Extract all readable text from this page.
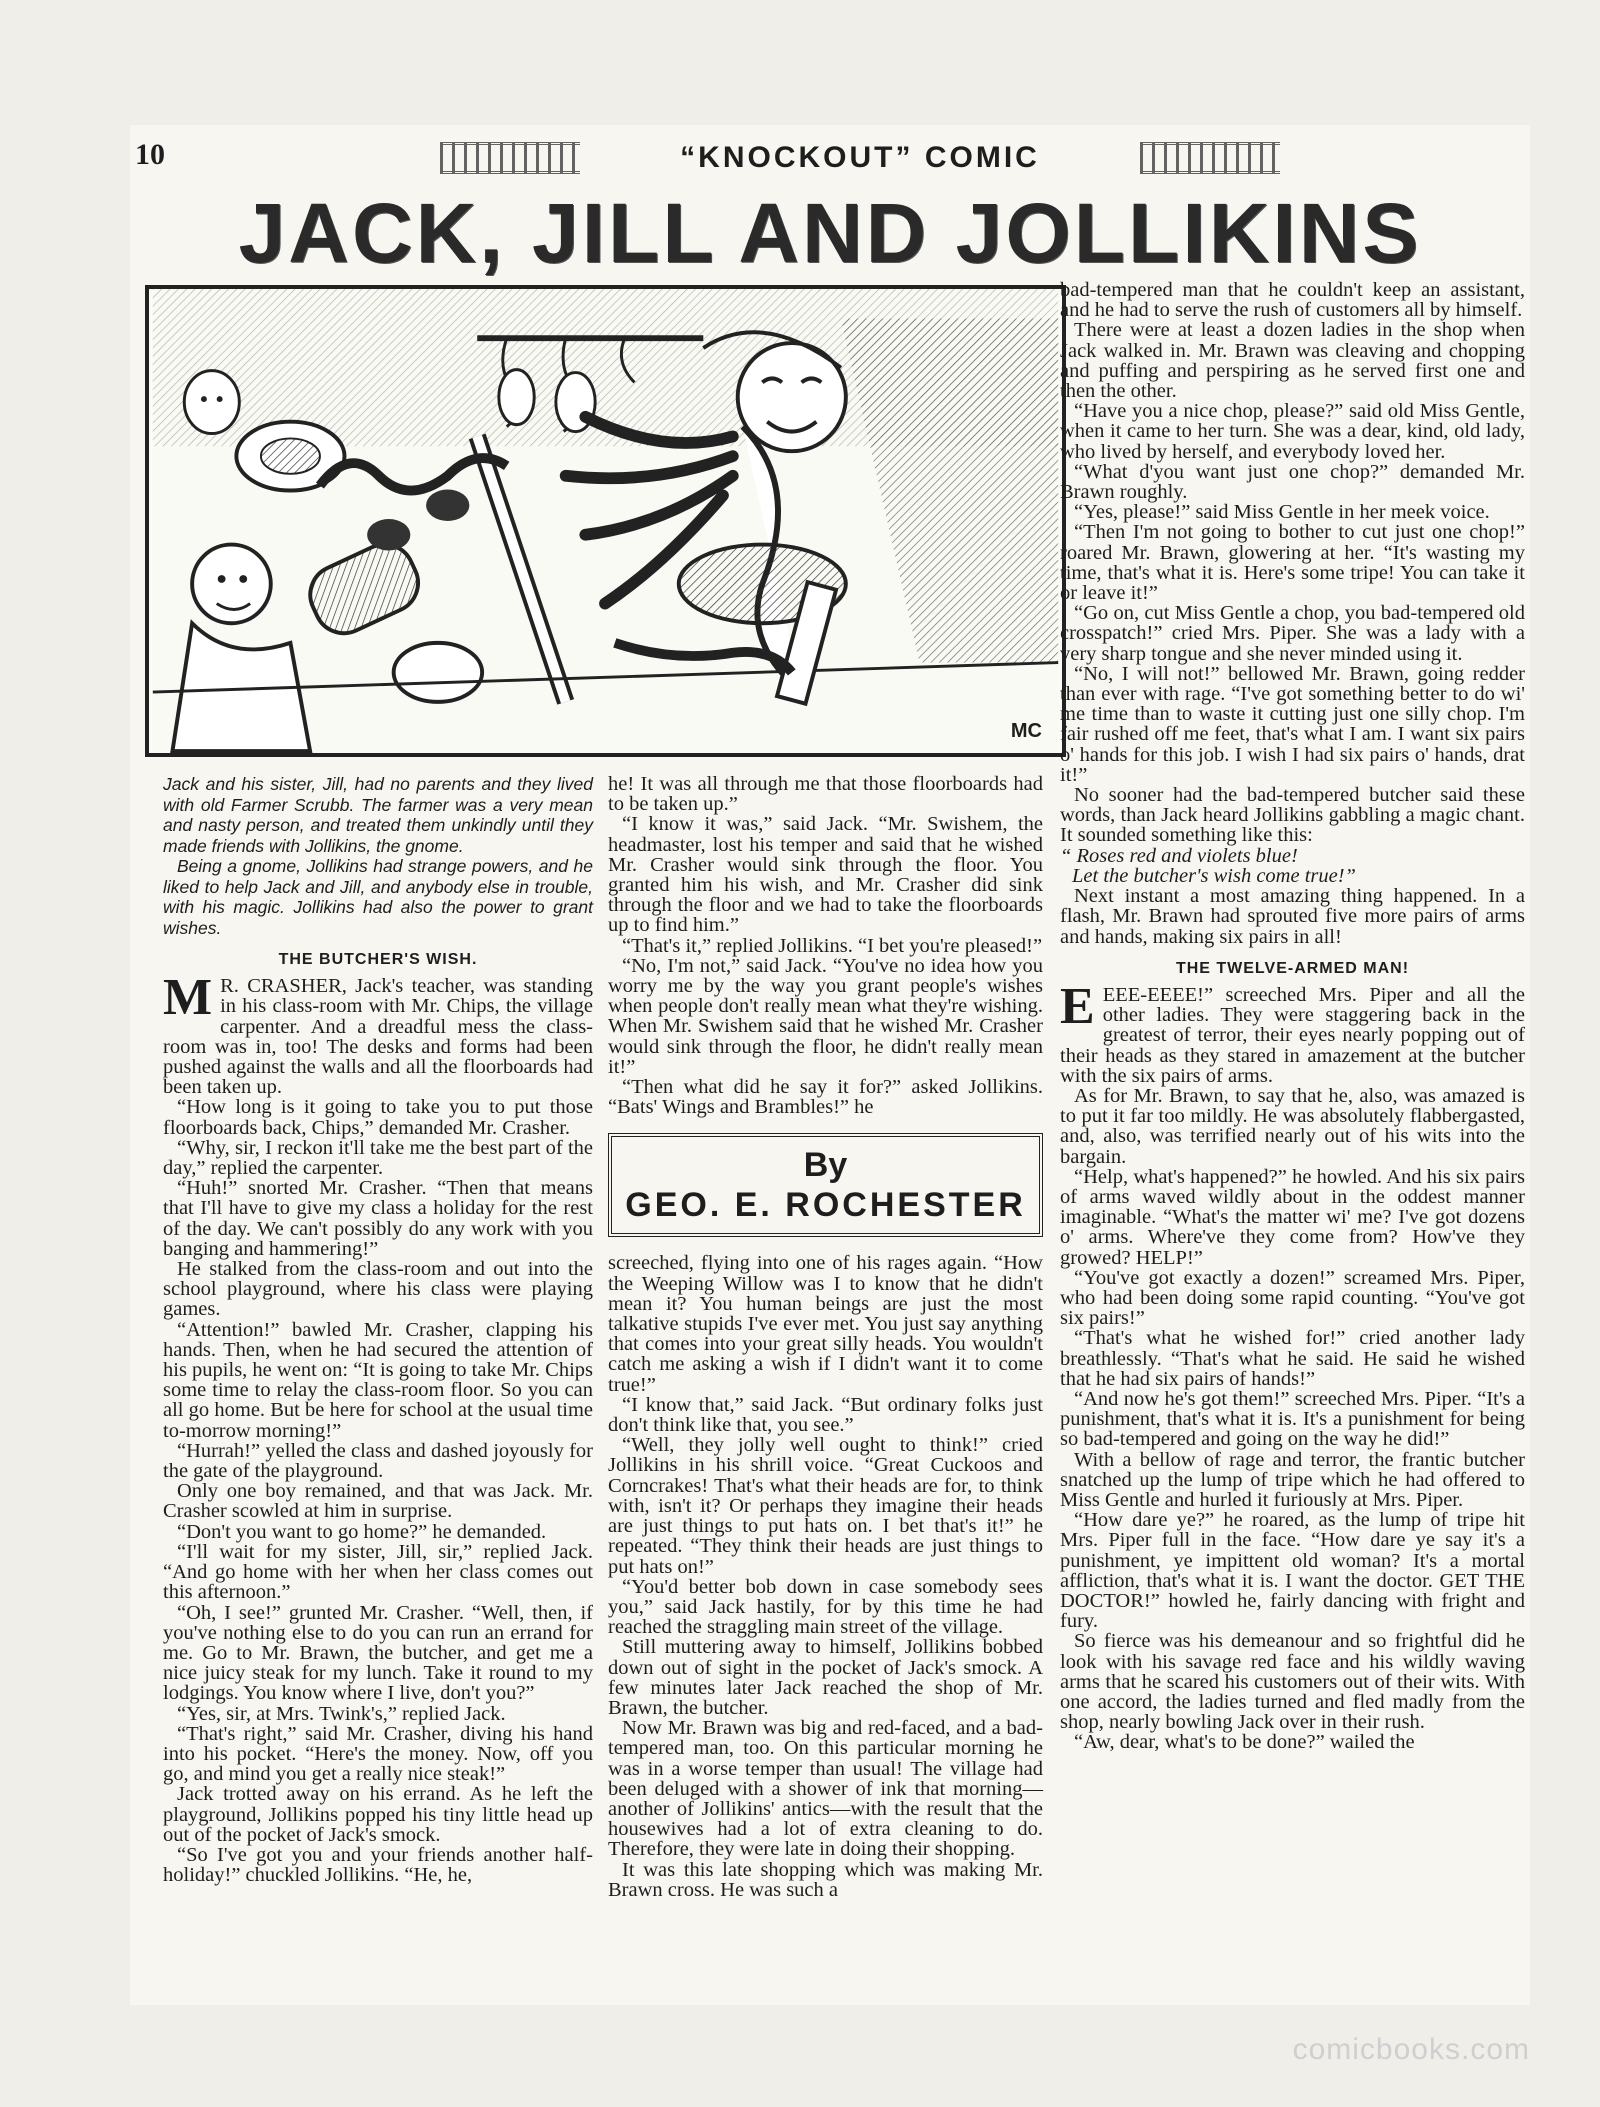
10	“KNOCKOUT” COMIC
JACK, JILL AND JOLLIKINS
MC

Jack and his sister, Jill, had no parents and they lived with old Farmer Scrubb. The farmer was a very mean and nasty person, and treated them unkindly until they made friends with Jollikins, the gnome.

Being a gnome, Jollikins had strange powers, and he liked to help Jack and Jill, and anybody else in trouble, with his magic. Jollikins had also the power to grant wishes.

THE BUTCHER'S WISH.

M R. CRASHER, Jack's teacher, was standing in his class-room with Mr. Chips, the village carpenter. And a dreadful mess the class-room was in, too! The desks and forms had been pushed against the walls and all the floorboards had been taken up.

“How long is it going to take you to put those floorboards back, Chips,” demanded Mr. Crasher.

“Why, sir, I reckon it'll take me the best part of the day,” replied the carpenter.

“Huh!” snorted Mr. Crasher. “Then that means that I'll have to give my class a holiday for the rest of the day. We can't possibly do any work with you banging and hammering!”

He stalked from the class-room and out into the school playground, where his class were playing games.

“Attention!” bawled Mr. Crasher, clapping his hands. Then, when he had secured the attention of his pupils, he went on: “It is going to take Mr. Chips some time to relay the class-room floor. So you can all go home. But be here for school at the usual time to-morrow morning!”

“Hurrah!” yelled the class and dashed joyously for the gate of the playground.

Only one boy remained, and that was Jack. Mr. Crasher scowled at him in surprise.

“Don't you want to go home?” he demanded.

“I'll wait for my sister, Jill, sir,” replied Jack. “And go home with her when her class comes out this afternoon.”

“Oh, I see!” grunted Mr. Crasher. “Well, then, if you've nothing else to do you can run an errand for me. Go to Mr. Brawn, the butcher, and get me a nice juicy steak for my lunch. Take it round to my lodgings. You know where I live, don't you?”

“Yes, sir, at Mrs. Twink's,” replied Jack.

“That's right,” said Mr. Crasher, diving his hand into his pocket. “Here's the money. Now, off you go, and mind you get a really nice steak!”

Jack trotted away on his errand. As he left the playground, Jollikins popped his tiny little head up out of the pocket of Jack's smock.

“So I've got you and your friends another half-holiday!” chuckled Jollikins. “He, he,

he! It was all through me that those floorboards had to be taken up.”

“I know it was,” said Jack. “Mr. Swishem, the headmaster, lost his temper and said that he wished Mr. Crasher would sink through the floor. You granted him his wish, and Mr. Crasher did sink through the floor and we had to take the floorboards up to find him.”

“That's it,” replied Jollikins. “I bet you're pleased!”

“No, I'm not,” said Jack. “You've no idea how you worry me by the way you grant people's wishes when people don't really mean what they're wishing. When Mr. Swishem said that he wished Mr. Crasher would sink through the floor, he didn't really mean it!”

“Then what did he say it for?” asked Jollikins. “Bats' Wings and Brambles!” he

By
GEO. E. ROCHESTER

screeched, flying into one of his rages again. “How the Weeping Willow was I to know that he didn't mean it? You human beings are just the most talkative stupids I've ever met. You just say anything that comes into your great silly heads. You wouldn't catch me asking a wish if I didn't want it to come true!”

“I know that,” said Jack. “But ordinary folks just don't think like that, you see.”

“Well, they jolly well ought to think!” cried Jollikins in his shrill voice. “Great Cuckoos and Corncrakes! That's what their heads are for, to think with, isn't it? Or perhaps they imagine their heads are just things to put hats on. I bet that's it!” he repeated. “They think their heads are just things to put hats on!”

“You'd better bob down in case somebody sees you,” said Jack hastily, for by this time he had reached the straggling main street of the village.

Still muttering away to himself, Jollikins bobbed down out of sight in the pocket of Jack's smock. A few minutes later Jack reached the shop of Mr. Brawn, the butcher.

Now Mr. Brawn was big and red-faced, and a bad-tempered man, too. On this particular morning he was in a worse temper than usual! The village had been deluged with a shower of ink that morning—another of Jollikins' antics—with the result that the housewives had a lot of extra cleaning to do. Therefore, they were late in doing their shopping.

It was this late shopping which was making Mr. Brawn cross. He was such a

bad-tempered man that he couldn't keep an assistant, and he had to serve the rush of customers all by himself.

There were at least a dozen ladies in the shop when Jack walked in. Mr. Brawn was cleaving and chopping and puffing and perspiring as he served first one and then the other.

“Have you a nice chop, please?” said old Miss Gentle, when it came to her turn. She was a dear, kind, old lady, who lived by herself, and everybody loved her.

“What d'you want just one chop?” demanded Mr. Brawn roughly.

“Yes, please!” said Miss Gentle in her meek voice.

“Then I'm not going to bother to cut just one chop!” roared Mr. Brawn, glowering at her. “It's wasting my time, that's what it is. Here's some tripe! You can take it or leave it!”

“Go on, cut Miss Gentle a chop, you bad-tempered old crosspatch!” cried Mrs. Piper. She was a lady with a very sharp tongue and she never minded using it.

“No, I will not!” bellowed Mr. Brawn, going redder than ever with rage. “I've got something better to do wi' me time than to waste it cutting just one silly chop. I'm fair rushed off me feet, that's what I am. I want six pairs o' hands for this job. I wish I had six pairs o' hands, drat it!”

No sooner had the bad-tempered butcher said these words, than Jack heard Jollikins gabbling a magic chant. It sounded something like this:

“ Roses red and violets blue!
Let the butcher's wish come true!”

Next instant a most amazing thing happened. In a flash, Mr. Brawn had sprouted five more pairs of arms and hands, making six pairs in all!

THE TWELVE-ARMED MAN!

EEEE-EEEE!” screeched Mrs. Piper and all the other ladies. They were staggering back in the greatest of terror, their eyes nearly popping out of their heads as they stared in amazement at the butcher with the six pairs of arms.

As for Mr. Brawn, to say that he, also, was amazed is to put it far too mildly. He was absolutely flabbergasted, and, also, was terrified nearly out of his wits into the bargain.

“Help, what's happened?” he howled. And his six pairs of arms waved wildly about in the oddest manner imaginable. “What's the matter wi' me? I've got dozens o' arms. Where've they come from? How've they growed? HELP!”

“You've got exactly a dozen!” screamed Mrs. Piper, who had been doing some rapid counting. “You've got six pairs!”

“That's what he wished for!” cried another lady breathlessly. “That's what he said. He said he wished that he had six pairs of hands!”

“And now he's got them!” screeched Mrs. Piper. “It's a punishment, that's what it is. It's a punishment for being so bad-tempered and going on the way he did!”

With a bellow of rage and terror, the frantic butcher snatched up the lump of tripe which he had offered to Miss Gentle and hurled it furiously at Mrs. Piper.

“How dare ye?” he roared, as the lump of tripe hit Mrs. Piper full in the face. “How dare ye say it's a punishment, ye impittent old woman? It's a mortal affliction, that's what it is. I want the doctor. GET THE DOCTOR!” howled he, fairly dancing with fright and fury.

So fierce was his demeanour and so frightful did he look with his savage red face and his wildly waving arms that he scared his customers out of their wits. With one accord, the ladies turned and fled madly from the shop, nearly bowling Jack over in their rush.

“Aw, dear, what's to be done?” wailed the

comicbooks.com
